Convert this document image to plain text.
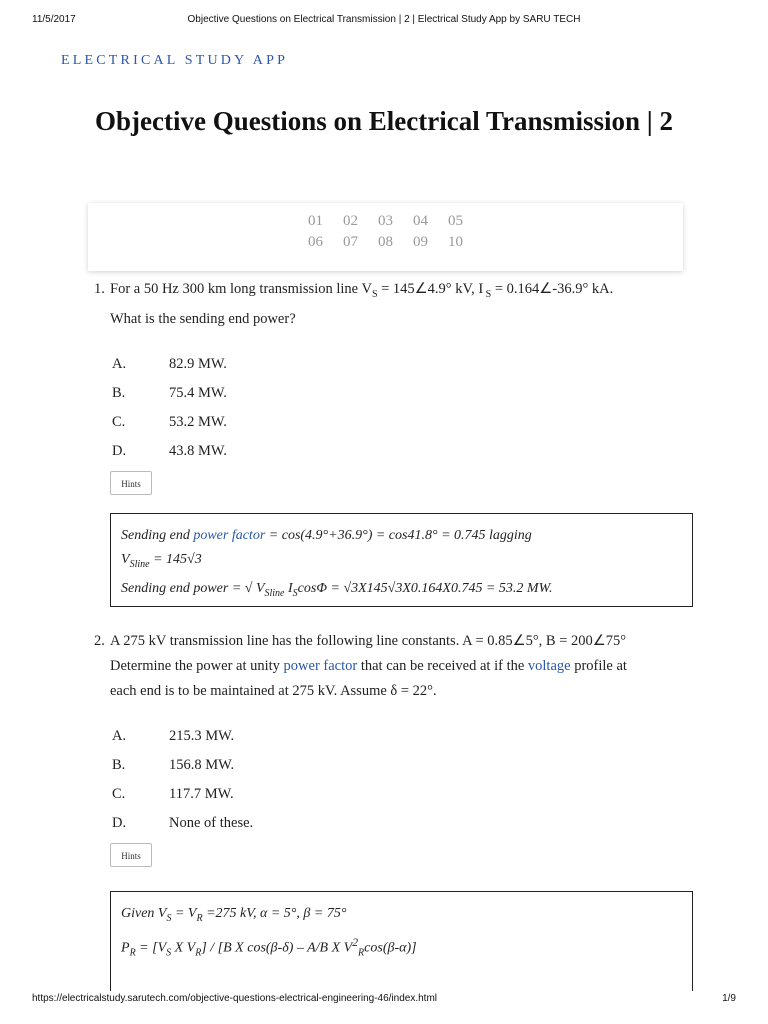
11/5/2017	Objective Questions on Electrical Transmission | 2 | Electrical Study App by SARU TECH
ELECTRICAL STUDY APP
Objective Questions on Electrical Transmission | 2
01	02	03	04	05
06	07	08	09	10
1. For a 50 Hz 300 km long transmission line $V_S$ = 145∠4.9° kV, I $_S$ = 0.164∠-36.9° kA.
What is the sending end power?
A.	82.9 MW.
B.	75.4 MW.
C.	53.2 MW.
D.	43.8 MW.
Hints
Sending end power factor = cos(4.9°+36.9°) = cos41.8° = 0.745 lagging
$V_{Sline} = 145√3$
Sending end power = √ $V_{Sline}$ $I_S\cos\Phi = √3X145√3X0.164X0.745 = 53.2$ MW.
2. A 275 kV transmission line has the following line constants. A = 0.85∠5°, B = 200∠75°
Determine the power at unity power factor that can be received at if the voltage profile at
each end is to be maintained at 275 kV. Assume δ = 22°.
A.	215.3 MW.
B.	156.8 MW.
C.	117.7 MW.
D.	None of these.
Hints
Given $V_S = V_R =275$ kV, α = 5°, β = 75°
$P_R = [V_S$ X $V_R] / [B$ X cos(β-δ) – A/B X $V^2_R\cos(\beta-\alpha)$]
https://electricalstudy.sarutech.com/objective-questions-electrical-engineering-46/index.html	1/9
